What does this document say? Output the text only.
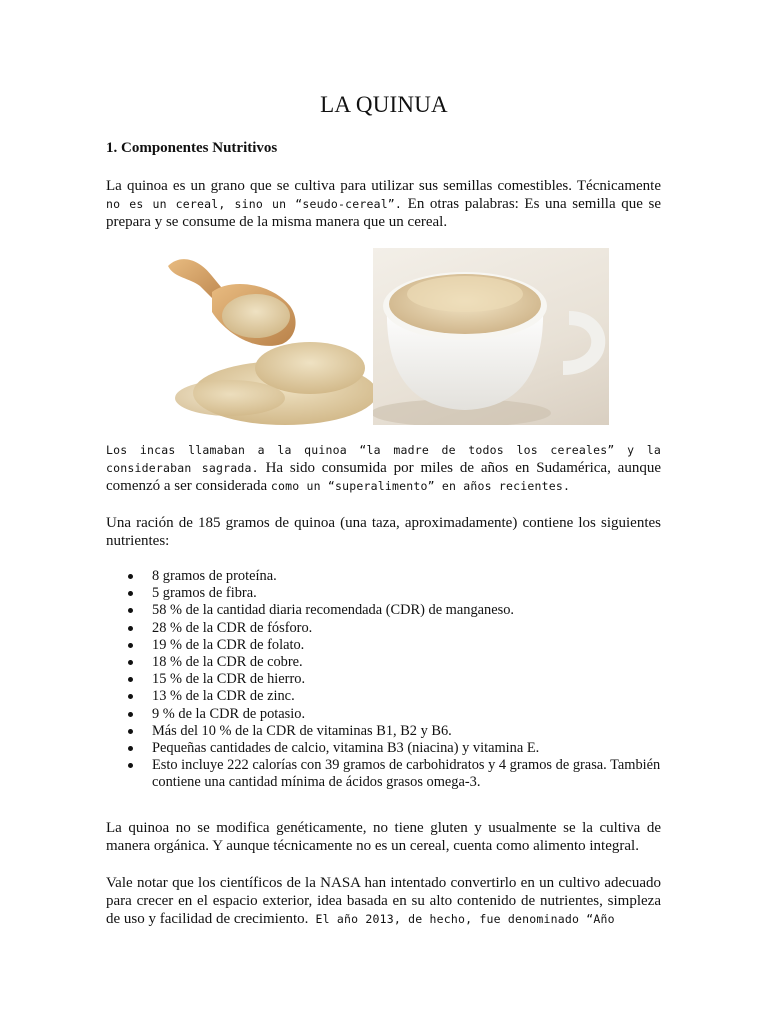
LA QUINUA
1. Componentes Nutritivos

La quinoa es un grano que se cultiva para utilizar sus semillas comestibles. Técnicamente no es un cereal, sino un “seudo-cereal”. En otras palabras: Es una semilla que se prepara y se consume de la misma manera que un cereal.

Los incas llamaban a la quinoa “la madre de todos los cereales” y la consideraban sagrada. Ha sido consumida por miles de años en Sudamérica, aunque comenzó a ser considerada como un “superalimento” en años recientes.

Una ración de 185 gramos de quinoa (una taza, aproximadamente) contiene los siguientes nutrientes:

8 gramos de proteína.
5 gramos de fibra.
58 % de la cantidad diaria recomendada (CDR) de manganeso.
28 % de la CDR de fósforo.
19 % de la CDR de folato.
18 % de la CDR de cobre.
15 % de la CDR de hierro.
13 % de la CDR de zinc.
9 % de la CDR de potasio.
Más del 10 % de la CDR de vitaminas B1, B2 y B6.
Pequeñas cantidades de calcio, vitamina B3 (niacina) y vitamina E.
Esto incluye 222 calorías con 39 gramos de carbohidratos y 4 gramos de grasa. También contiene una cantidad mínima de ácidos grasos omega-3.

La quinoa no se modifica genéticamente, no tiene gluten y usualmente se la cultiva de manera orgánica. Y aunque técnicamente no es un cereal, cuenta como alimento integral.

Vale notar que los científicos de la NASA han intentado convertirlo en un cultivo adecuado para crecer en el espacio exterior, idea basada en su alto contenido de nutrientes, simpleza de uso y facilidad de crecimiento. El año 2013, de hecho, fue denominado “Año
